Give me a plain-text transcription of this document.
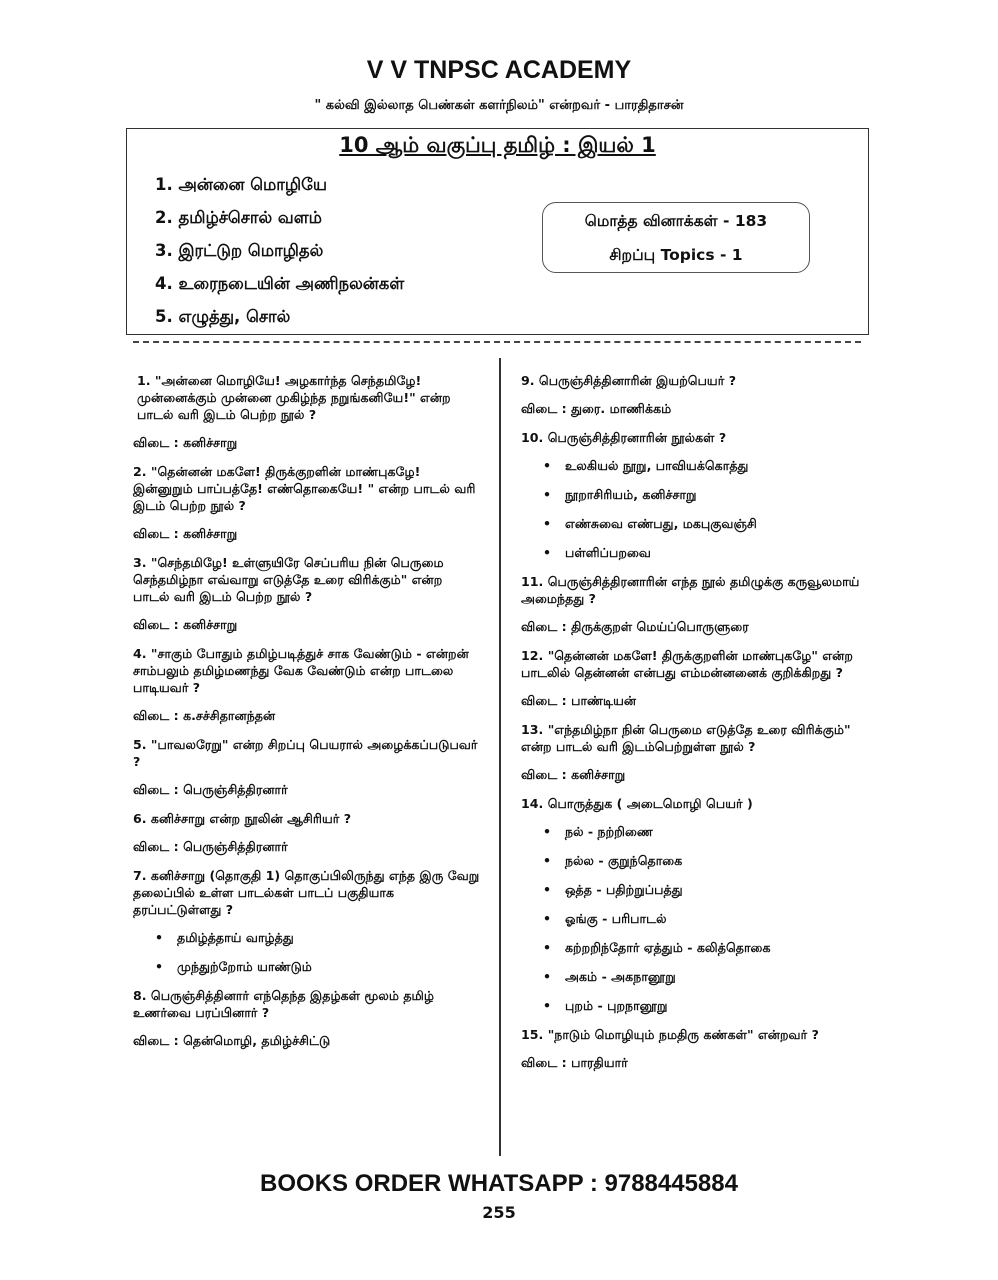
V V TNPSC ACADEMY
" கல்வி இல்லாத பெண்கள் களர்நிலம்" என்றவர் - பாரதிதாசன்
10 ஆம் வகுப்பு தமிழ் : இயல் 1
1. அன்னை மொழியே
2. தமிழ்ச்சொல் வளம்
3. இரட்டுற மொழிதல்
4. உரைநடையின் அணிநலன்கள்
5. எழுத்து, சொல்
மொத்த வினாக்கள் - 183
சிறப்பு Topics - 1

1. "அன்னை மொழியே! அழகார்ந்த செந்தமிழே! முன்னைக்கும் முன்னை முகிழ்ந்த நறுங்கனியே!" என்ற பாடல் வரி இடம் பெற்ற நூல் ?

விடை : கனிச்சாறு

2. "தென்னன் மகளே! திருக்குறளின் மாண்புகழே! இன்னுறும் பாப்பத்தே! எண்தொகையே! " என்ற பாடல் வரி இடம் பெற்ற நூல் ?

விடை : கனிச்சாறு

3. "செந்தமிழே! உள்ளுயிரே செப்பரிய நின் பெருமை செந்தமிழ்நா எவ்வாறு எடுத்தே உரை விரிக்கும்" என்ற பாடல் வரி இடம் பெற்ற நூல் ?

விடை : கனிச்சாறு

4. "சாகும் போதும் தமிழ்படித்துச் சாக வேண்டும் - என்றன் சாம்பலும் தமிழ்மணந்து வேக வேண்டும் என்ற பாடலை பாடியவர் ?

விடை : க.சச்சிதானந்தன்

5. "பாவலரேறு" என்ற சிறப்பு பெயரால் அழைக்கப்படுபவர் ?

விடை : பெருஞ்சித்திரனார்

6. கனிச்சாறு என்ற நூலின் ஆசிரியர் ?

விடை : பெருஞ்சித்திரனார்

7. கனிச்சாறு (தொகுதி 1) தொகுப்பிலிருந்து எந்த இரு வேறு தலைப்பில் உள்ள பாடல்கள் பாடப் பகுதியாக தரப்பட்டுள்ளது ?

• தமிழ்த்தாய் வாழ்த்து
• முந்துற்றோம் யாண்டும்

8. பெருஞ்சித்தினார் எந்தெந்த இதழ்கள் மூலம் தமிழ் உணர்வை பரப்பினார் ?

விடை : தென்மொழி, தமிழ்ச்சிட்டு

9. பெருஞ்சித்தினாரின் இயற்பெயர் ?

விடை : துரை. மாணிக்கம்

10. பெருஞ்சித்திரனாரின் நூல்கள் ?

• உலகியல் நூறு, பாவியக்கொத்து
• நூறாசிரியம், கனிச்சாறு
• எண்சுவை எண்பது, மகபுகுவஞ்சி
• பள்ளிப்பறவை

11. பெருஞ்சித்திரனாரின் எந்த நூல் தமிழுக்கு கருவூலமாய் அமைந்தது ?

விடை : திருக்குறள் மெய்ப்பொருளுரை

12. "தென்னன் மகளே! திருக்குறளின் மாண்புகழே" என்ற பாடலில் தென்னன் என்பது எம்மன்னனைக் குறிக்கிறது ?

விடை : பாண்டியன்

13. "எந்தமிழ்நா நின் பெருமை எடுத்தே உரை விரிக்கும்" என்ற பாடல் வரி இடம்பெற்றுள்ள நூல் ?

விடை : கனிச்சாறு

14. பொருத்துக ( அடைமொழி பெயர் )

• நல் - நற்றிணை
• நல்ல - குறுந்தொகை
• ஒத்த - பதிற்றுப்பத்து
• ஓங்கு - பரிபாடல்
• கற்றறிந்தோர் ஏத்தும் - கலித்தொகை
• அகம் - அகநானூறு
• புறம் - புறநானூறு

15. "நாடும் மொழியும் நமதிரு கண்கள்" என்றவர் ?

விடை : பாரதியார்

BOOKS ORDER WHATSAPP : 9788445884
255
